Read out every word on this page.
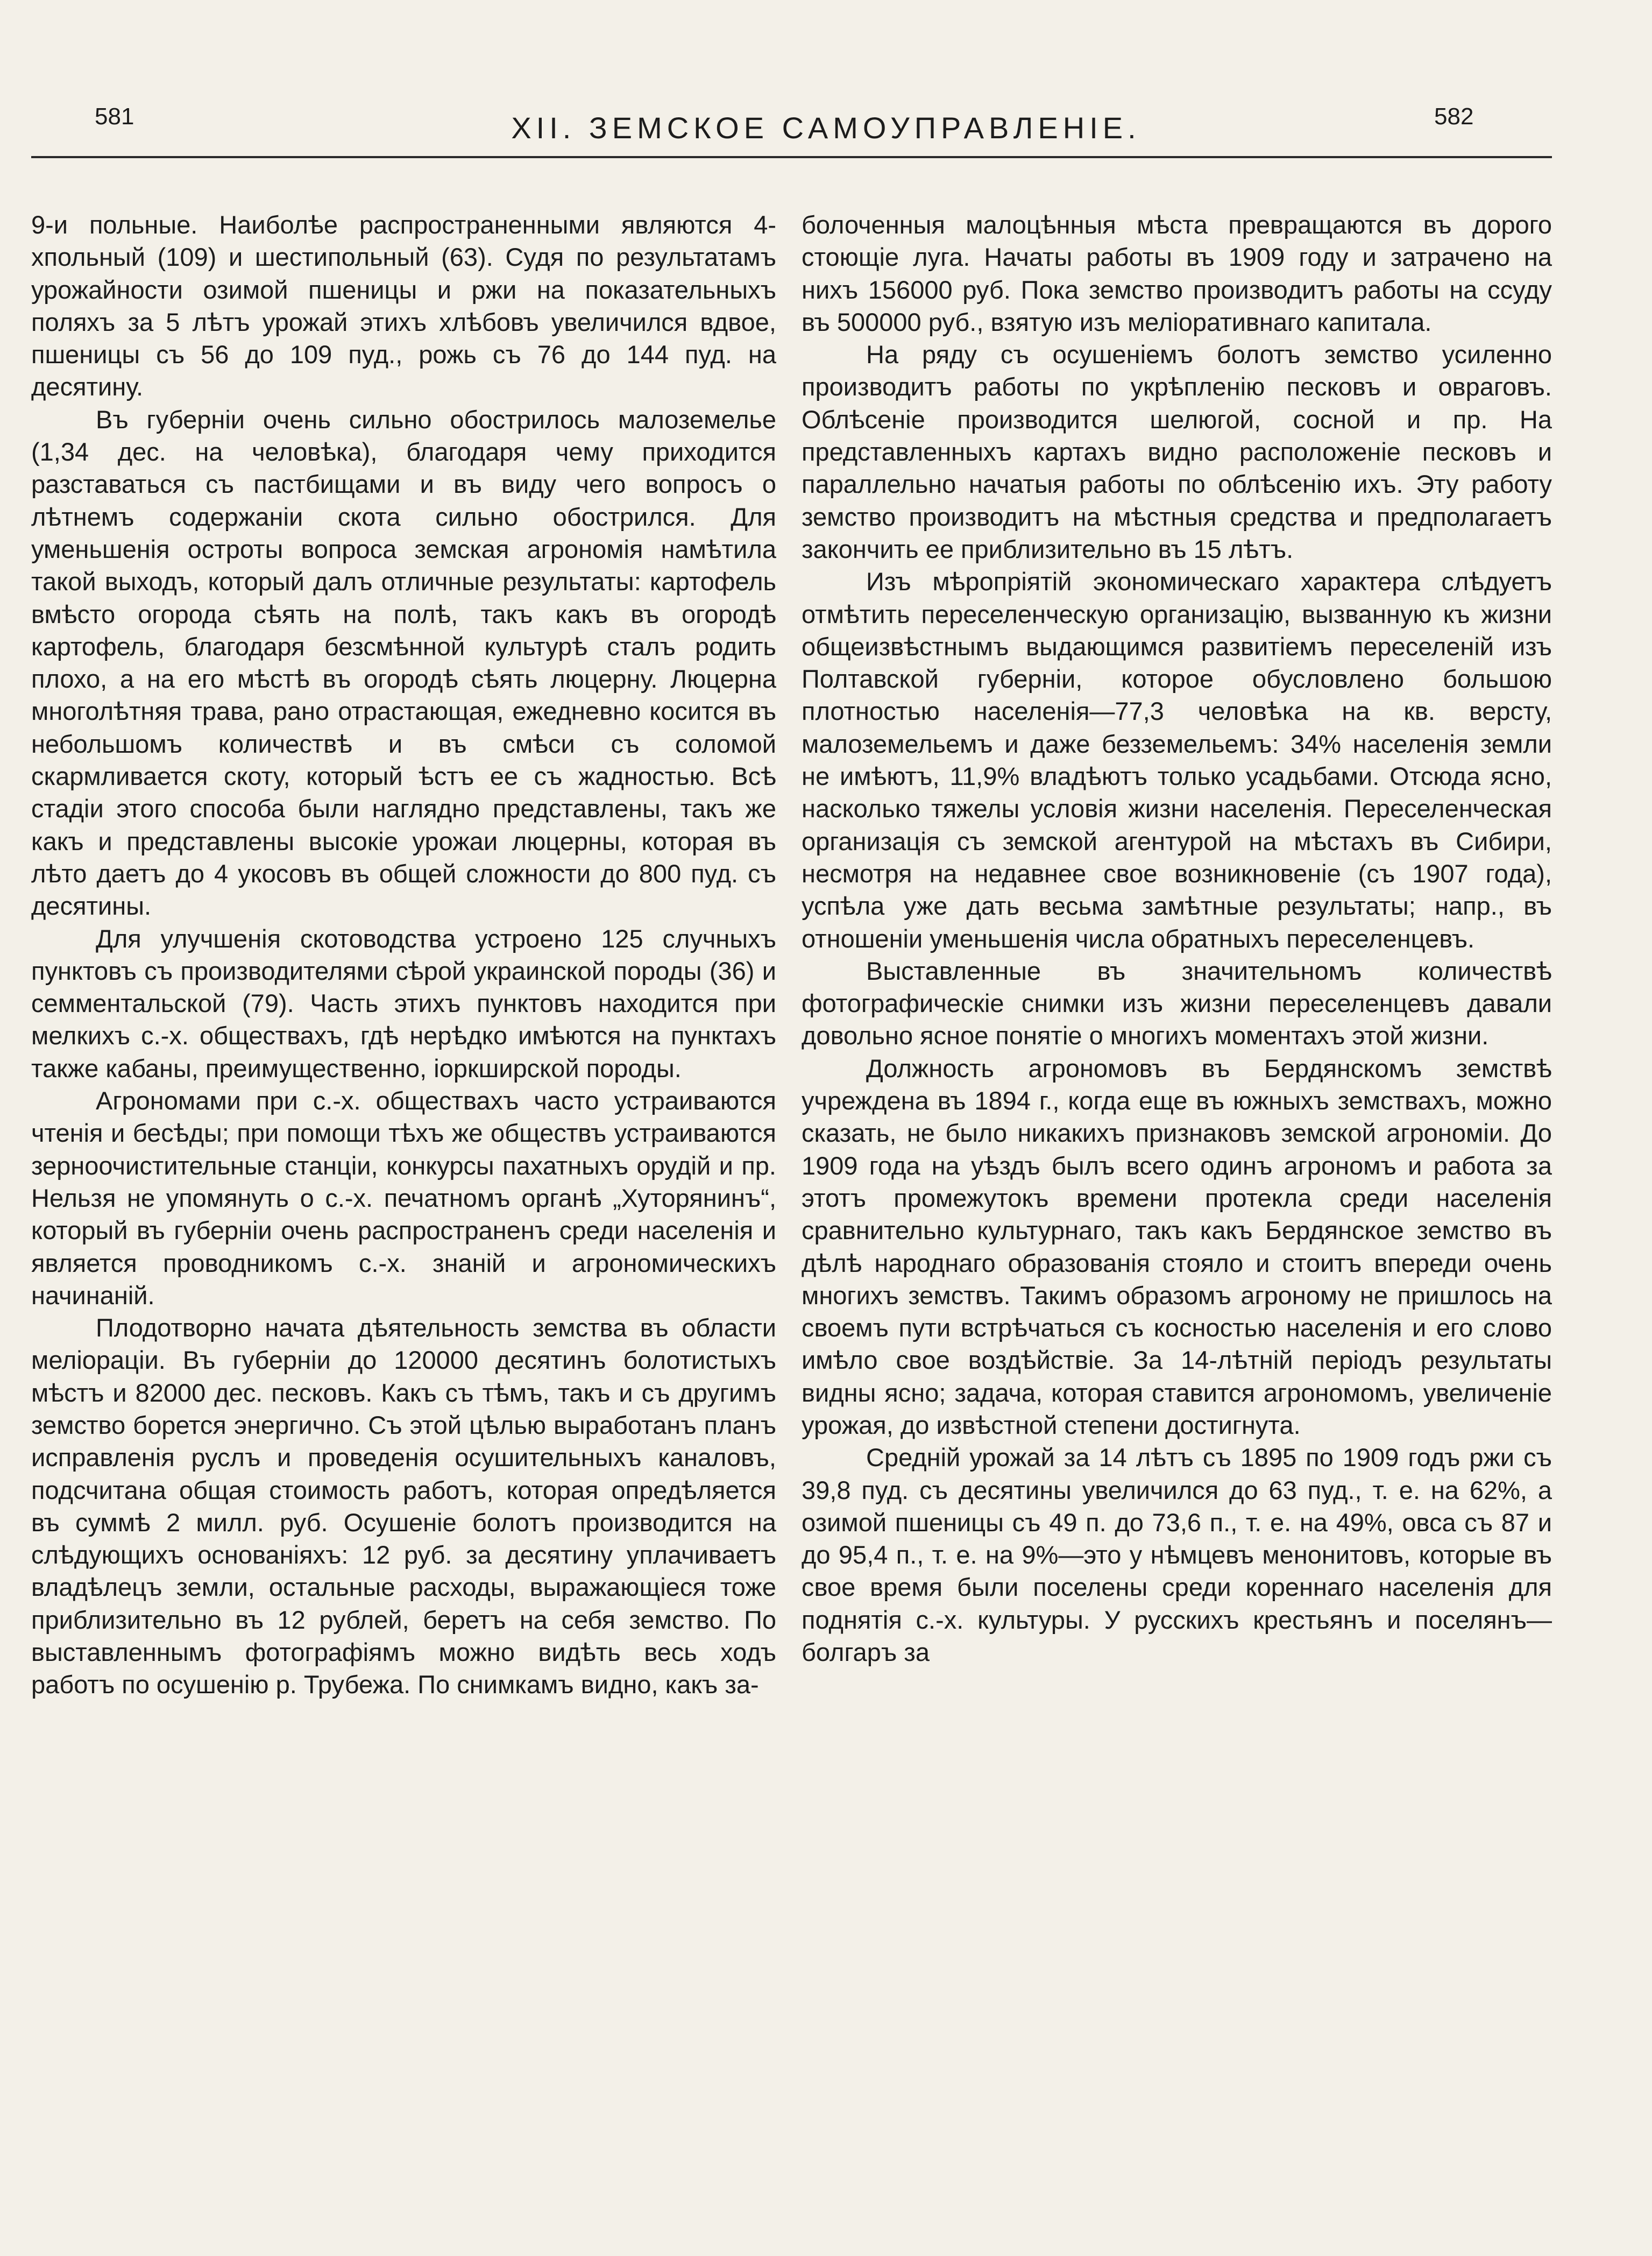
581	XII. ЗЕМСКОЕ САМОУПРАВЛЕНІЕ.	582

9-и польные. Наиболѣе распространенными являются 4-хпольный (109) и шестипольный (63). Судя по результатамъ урожайности озимой пшеницы и ржи на показательныхъ поляхъ за 5 лѣтъ урожай этихъ хлѣбовъ увеличился вдвое, пшеницы съ 56 до 109 пуд., рожь съ 76 до 144 пуд. на десятину.

Въ губерніи очень сильно обострилось малоземелье (1,34 дес. на человѣка), благодаря чему приходится разставаться съ пастбищами и въ виду чего вопросъ о лѣтнемъ содержаніи скота сильно обострился. Для уменьшенія остроты вопроса земская агрономія намѣтила такой выходъ, который далъ отличные результаты: картофель вмѣсто огорода сѣять на полѣ, такъ какъ въ огородѣ картофель, благодаря безсмѣнной культурѣ сталъ родить плохо, а на его мѣстѣ въ огородѣ сѣять люцерну. Люцерна многолѣтняя трава, рано отрастающая, ежедневно косится въ небольшомъ количествѣ и въ смѣси съ соломой скармливается скоту, который ѣстъ ее съ жадностью. Всѣ стадіи этого способа были наглядно представлены, такъ же какъ и представлены высокіе урожаи люцерны, которая въ лѣто даетъ до 4 укосовъ въ общей сложности до 800 пуд. съ десятины.

Для улучшенія скотоводства устроено 125 случныхъ пунктовъ съ производителями сѣрой украинской породы (36) и семментальской (79). Часть этихъ пунктовъ находится при мелкихъ с.-х. обществахъ, гдѣ нерѣдко имѣются на пунктахъ также кабаны, преимущественно, іоркширской породы.

Агрономами при с.-х. обществахъ часто устраиваются чтенія и бесѣды; при помощи тѣхъ же обществъ устраиваются зерноочистительные станціи, конкурсы пахатныхъ орудій и пр. Нельзя не упомянуть о с.-х. печатномъ органѣ „Хуторянинъ“, который въ губерніи очень распространенъ среди населенія и является проводникомъ с.-х. знаній и агрономическихъ начинаній.

Плодотворно начата дѣятельность земства въ области меліораціи. Въ губерніи до 120000 десятинъ болотистыхъ мѣстъ и 82000 дес. песковъ. Какъ съ тѣмъ, такъ и съ другимъ земство борется энергично. Съ этой цѣлью выработанъ планъ исправленія руслъ и проведенія осушительныхъ каналовъ, подсчитана общая стоимость работъ, которая опредѣляется въ суммѣ 2 милл. руб. Осушеніе болотъ производится на слѣдующихъ основаніяхъ: 12 руб. за десятину уплачиваетъ владѣлецъ земли, остальные расходы, выражающіеся тоже приблизительно въ 12 рублей, беретъ на себя земство. По выставленнымъ фотографіямъ можно видѣть весь ходъ работъ по осушенію р. Трубежа. По снимкамъ видно, какъ за-

болоченныя малоцѣнныя мѣста превращаются въ дорого стоющіе луга. Начаты работы въ 1909 году и затрачено на нихъ 156000 руб. Пока земство производитъ работы на ссуду въ 500000 руб., взятую изъ меліоративнаго капитала.

На ряду съ осушеніемъ болотъ земство усиленно производитъ работы по укрѣпленію песковъ и овраговъ. Облѣсеніе производится шелюгой, сосной и пр. На представленныхъ картахъ видно расположеніе песковъ и параллельно начатыя работы по облѣсенію ихъ. Эту работу земство производитъ на мѣстныя средства и предполагаетъ закончить ее приблизительно въ 15 лѣтъ.

Изъ мѣропріятій экономическаго характера слѣдуетъ отмѣтить переселенческую организацію, вызванную къ жизни общеизвѣстнымъ выдающимся развитіемъ переселеній изъ Полтавской губерніи, которое обусловлено большою плотностью населенія—77,3 человѣка на кв. версту, малоземельемъ и даже безземельемъ: 34% населенія земли не имѣютъ, 11,9% владѣютъ только усадьбами. Отсюда ясно, насколько тяжелы условія жизни населенія. Переселенческая организація съ земской агентурой на мѣстахъ въ Сибири, несмотря на недавнее свое возникновеніе (съ 1907 года), успѣла уже дать весьма замѣтные результаты; напр., въ отношеніи уменьшенія числа обратныхъ переселенцевъ.

Выставленные въ значительномъ количествѣ фотографическіе снимки изъ жизни переселенцевъ давали довольно ясное понятіе о многихъ моментахъ этой жизни.

Должность агрономовъ въ Бердянскомъ земствѣ учреждена въ 1894 г., когда еще въ южныхъ земствахъ, можно сказать, не было никакихъ признаковъ земской агрономіи. До 1909 года на уѣздъ былъ всего одинъ агрономъ и работа за этотъ промежутокъ времени протекла среди населенія сравнительно культурнаго, такъ какъ Бердянское земство въ дѣлѣ народнаго образованія стояло и стоитъ впереди очень многихъ земствъ. Такимъ образомъ агроному не пришлось на своемъ пути встрѣчаться съ косностью населенія и его слово имѣло свое воздѣйствіе. За 14-лѣтній періодъ результаты видны ясно; задача, которая ставится агрономомъ, увеличеніе урожая, до извѣстной степени достигнута.

Средній урожай за 14 лѣтъ съ 1895 по 1909 годъ ржи съ 39,8 пуд. съ десятины увеличился до 63 пуд., т. е. на 62%, а озимой пшеницы съ 49 п. до 73,6 п., т. е. на 49%, овса съ 87 и до 95,4 п., т. е. на 9%—это у нѣмцевъ менонитовъ, которые въ свое время были поселены среди кореннаго населенія для поднятія с.-х. культуры. У русскихъ крестьянъ и поселянъ—болгаръ за
